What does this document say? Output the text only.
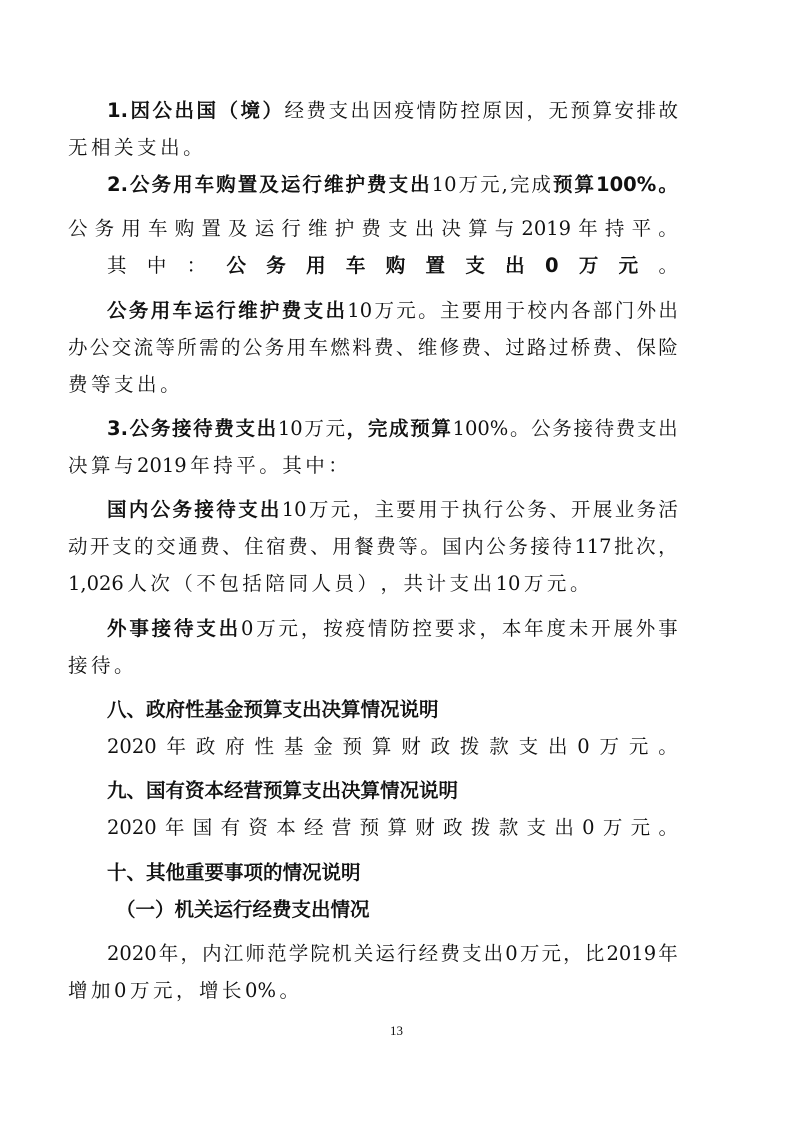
1. 因 公 出 国 （ 境 ） 经 费 支 出 因 疫 情 防 控 原 因 ， 无 预 算 安 排 故
无 相 关 支 出 。
2. 公 务 用 车 购 置 及 运 行 维 护 费 支 出 10 万 元 , 完 成 预 算 100% 。
公 务 用 车 购 置 及 运 行 维 护 费 支 出 决 算 与 2019 年 持 平 。
其 中 ： 公 务 用 车 购 置 支 出 0 万 元 。
公 务 用 车 运 行 维 护 费 支 出 10 万 元 。 主 要 用 于 校 内 各 部 门 外 出
办 公 交 流 等 所 需 的 公 务 用 车 燃 料 费 、 维 修 费 、 过 路 过 桥 费 、 保 险
费 等 支 出 。
3. 公 务 接 待 费 支 出 10 万 元 ， 完 成 预 算 100% 。 公 务 接 待 费 支 出
决 算 与 2019 年 持 平 。 其 中 ：
国 内 公 务 接 待 支 出 10 万 元 ， 主 要 用 于 执 行 公 务 、 开 展 业 务 活
动 开 支 的 交 通 费 、 住 宿 费 、 用 餐 费 等 。 国 内 公 务 接 待 117 批 次 ，
1,026 人 次 （ 不 包 括 陪 同 人 员 ） ， 共 计 支 出 10 万 元 。
外 事 接 待 支 出 0 万 元 ， 按 疫 情 防 控 要 求 ， 本 年 度 未 开 展 外 事
接 待 。
八、政府性基金预算支出决算情况说明
2020 年 政 府 性 基 金 预 算 财 政 拨 款 支 出 0 万 元 。
九、国有资本经营预算支出决算情况说明
2020 年 国 有 资 本 经 营 预 算 财 政 拨 款 支 出 0 万 元 。
十、其他重要事项的情况说明
（一）机关运行经费支出情况
2020 年 ， 内 江 师 范 学 院 机 关 运 行 经 费 支 出 0 万 元 ， 比 2019 年
增 加 0 万 元 ， 增 长 0% 。
13
